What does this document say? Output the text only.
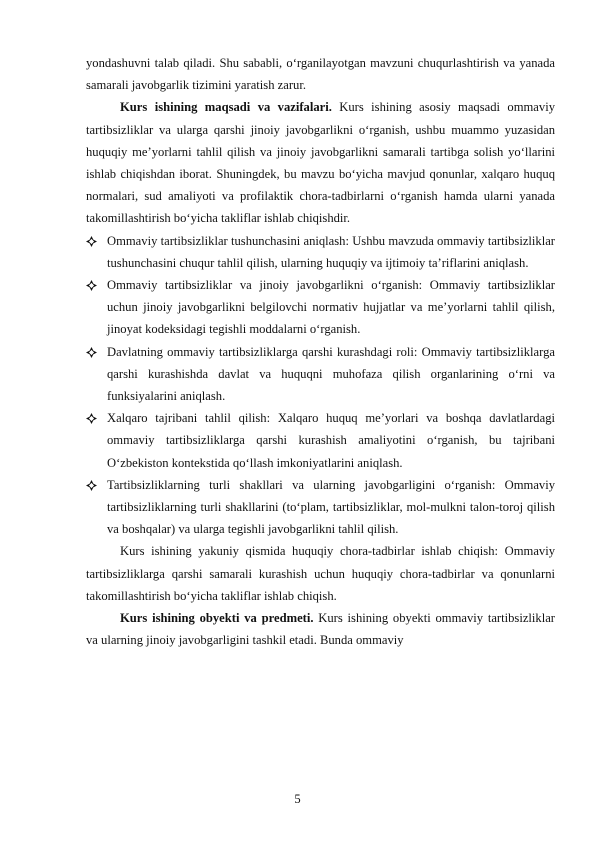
yondashuvni talab qiladi. Shu sababli, o‘rganilayotgan mavzuni chuqurlashtirish va yanada samarali javobgarlik tizimini yaratish zarur.

Kurs ishining maqsadi va vazifalari. Kurs ishining asosiy maqsadi ommaviy tartibsizliklar va ularga qarshi jinoiy javobgarlikni o‘rganish, ushbu muammo yuzasidan huquqiy me’yorlarni tahlil qilish va jinoiy javobgarlikni samarali tartibga solish yo‘llarini ishlab chiqishdan iborat. Shuningdek, bu mavzu bo‘yicha mavjud qonunlar, xalqaro huquq normalari, sud amaliyoti va profilaktik chora-tadbirlarni o‘rganish hamda ularni yanada takomillashtirish bo‘yicha takliflar ishlab chiqishdir.

Ommaviy tartibsizliklar tushunchasini aniqlash: Ushbu mavzuda ommaviy tartibsizliklar tushunchasini chuqur tahlil qilish, ularning huquqiy va ijtimoiy ta’riflarini aniqlash.
Ommaviy tartibsizliklar va jinoiy javobgarlikni o‘rganish: Ommaviy tartibsizliklar uchun jinoiy javobgarlikni belgilovchi normativ hujjatlar va me’yorlarni tahlil qilish, jinoyat kodeksidagi tegishli moddalarni o‘rganish.
Davlatning ommaviy tartibsizliklarga qarshi kurashdagi roli: Ommaviy tartibsizliklarga qarshi kurashishda davlat va huquqni muhofaza qilish organlarining o‘rni va funksiyalarini aniqlash.
Xalqaro tajribani tahlil qilish: Xalqaro huquq me’yorlari va boshqa davlatlardagi ommaviy tartibsizliklarga qarshi kurashish amaliyotini o‘rganish, bu tajribani O‘zbekiston kontekstida qo‘llash imkoniyatlarini aniqlash.
Tartibsizliklarning turli shakllari va ularning javobgarligini o‘rganish: Ommaviy tartibsizliklarning turli shakllarini (to‘plam, tartibsizliklar, mol-mulkni talon-toroj qilish va boshqalar) va ularga tegishli javobgarlikni tahlil qilish.

Kurs ishining yakuniy qismida huquqiy chora-tadbirlar ishlab chiqish: Ommaviy tartibsizliklarga qarshi samarali kurashish uchun huquqiy chora-tadbirlar va qonunlarni takomillashtirish bo‘yicha takliflar ishlab chiqish.

Kurs ishining obyekti va predmeti. Kurs ishining obyekti ommaviy tartibsizliklar va ularning jinoiy javobgarligini tashkil etadi. Bunda ommaviy

5
